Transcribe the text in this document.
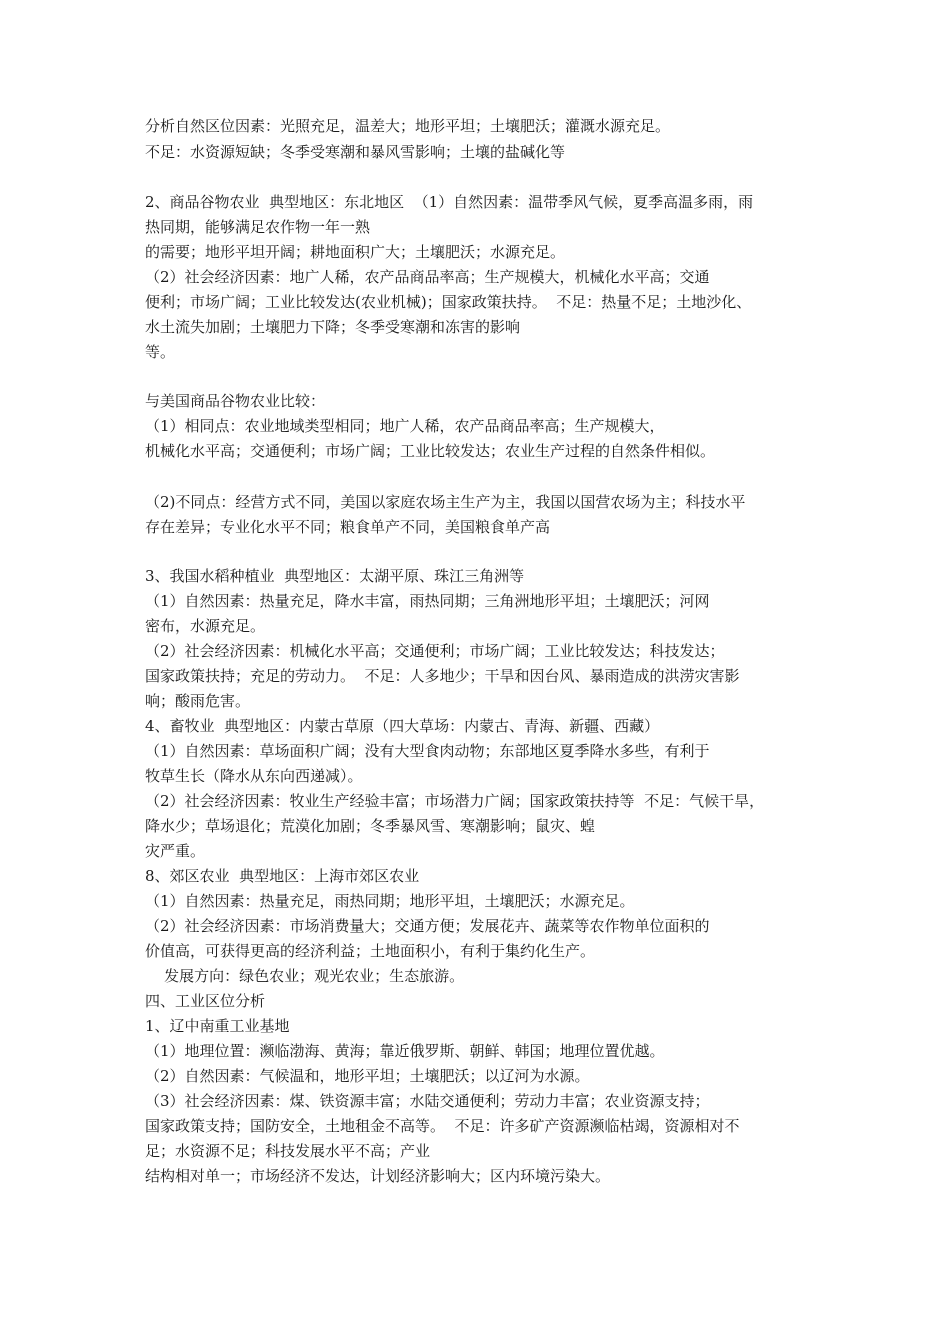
分析自然区位因素：光照充足，温差大；地形平坦；土壤肥沃；灌溉水源充足。
不足：水资源短缺；冬季受寒潮和暴风雪影响；土壤的盐碱化等
2、商品谷物农业  典型地区：东北地区  （1）自然因素：温带季风气候，夏季高温多雨，雨
热同期，能够满足农作物一年一熟
的需要；地形平坦开阔；耕地面积广大；土壤肥沃；水源充足。
（2）社会经济因素：地广人稀，农产品商品率高；生产规模大，机械化水平高；交通
便利；市场广阔；工业比较发达(农业机械)；国家政策扶持。  不足：热量不足；土地沙化、
水土流失加剧；土壤肥力下降；冬季受寒潮和冻害的影响
等。
与美国商品谷物农业比较：
（1）相同点：农业地域类型相同；地广人稀，农产品商品率高；生产规模大，
机械化水平高；交通便利；市场广阔；工业比较发达；农业生产过程的自然条件相似。
（2)不同点：经营方式不同，美国以家庭农场主生产为主，我国以国营农场为主；科技水平
存在差异；专业化水平不同；粮食单产不同，美国粮食单产高
3、我国水稻种植业  典型地区：太湖平原、珠江三角洲等
（1）自然因素：热量充足，降水丰富，雨热同期；三角洲地形平坦；土壤肥沃；河网
密布，水源充足。
（2）社会经济因素：机械化水平高；交通便利；市场广阔；工业比较发达；科技发达；
国家政策扶持；充足的劳动力。  不足：人多地少；干旱和因台风、暴雨造成的洪涝灾害影
响；酸雨危害。
4、畜牧业  典型地区：内蒙古草原（四大草场：内蒙古、青海、新疆、西藏）
（1）自然因素：草场面积广阔；没有大型食肉动物；东部地区夏季降水多些，有利于
牧草生长（降水从东向西递减）。
（2）社会经济因素：牧业生产经验丰富；市场潜力广阔；国家政策扶持等  不足：气候干旱，
降水少；草场退化；荒漠化加剧；冬季暴风雪、寒潮影响；鼠灾、蝗
灾严重。
8、郊区农业  典型地区：上海市郊区农业
（1）自然因素：热量充足，雨热同期；地形平坦，土壤肥沃；水源充足。
（2）社会经济因素：市场消费量大；交通方便；发展花卉、蔬菜等农作物单位面积的
价值高，可获得更高的经济利益；土地面积小，有利于集约化生产。
发展方向：绿色农业；观光农业；生态旅游。
四、工业区位分析
1、辽中南重工业基地
（1）地理位置：濒临渤海、黄海；靠近俄罗斯、朝鲜、韩国；地理位置优越。
（2）自然因素：气候温和，地形平坦；土壤肥沃；以辽河为水源。
（3）社会经济因素：煤、铁资源丰富；水陆交通便利；劳动力丰富；农业资源支持；
国家政策支持；国防安全，土地租金不高等。  不足：许多矿产资源濒临枯竭，资源相对不
足；水资源不足；科技发展水平不高；产业
结构相对单一；市场经济不发达，计划经济影响大；区内环境污染大。
